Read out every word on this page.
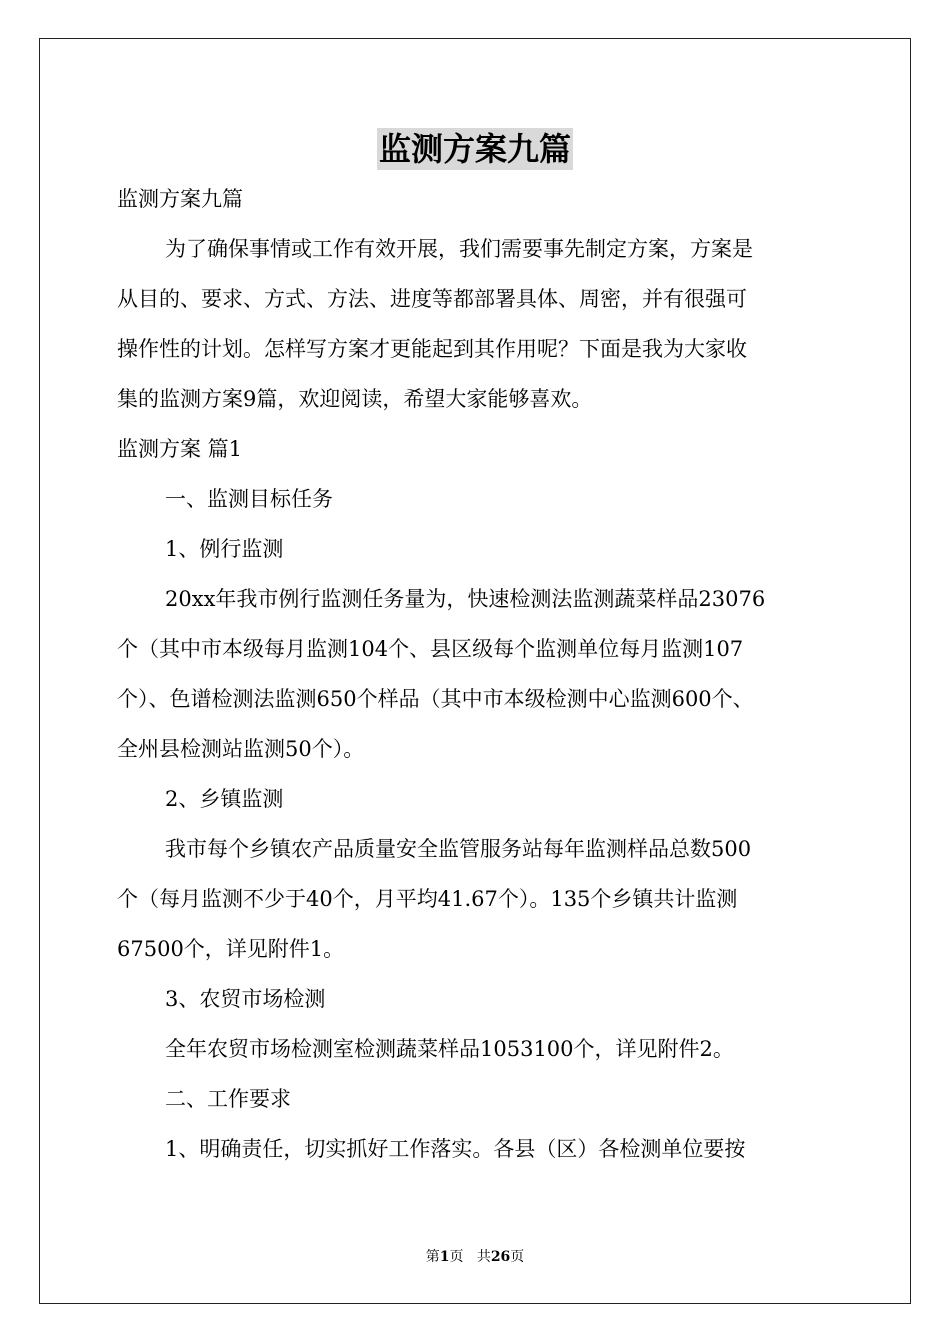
监测方案九篇
监测方案九篇
为了确保事情或工作有效开展，我们需要事先制定方案，方案是
从目的、要求、方式、方法、进度等都部署具体、周密，并有很强可
操作性的计划。怎样写方案才更能起到其作用呢？下面是我为大家收
集的监测方案9篇，欢迎阅读，希望大家能够喜欢。
监测方案 篇1
一、监测目标任务
1、例行监测
20xx年我市例行监测任务量为，快速检测法监测蔬菜样品23076
个（其中市本级每月监测104个、县区级每个监测单位每月监测107
个）、色谱检测法监测650个样品（其中市本级检测中心监测600个、
全州县检测站监测50个）。
2、乡镇监测
我市每个乡镇农产品质量安全监管服务站每年监测样品总数500
个（每月监测不少于40个，月平均41.67个）。135个乡镇共计监测
67500个，详见附件1。
3、农贸市场检测
全年农贸市场检测室检测蔬菜样品1053100个，详见附件2。
二、工作要求
1、明确责任，切实抓好工作落实。各县（区）各检测单位要按
第1页 共26页
